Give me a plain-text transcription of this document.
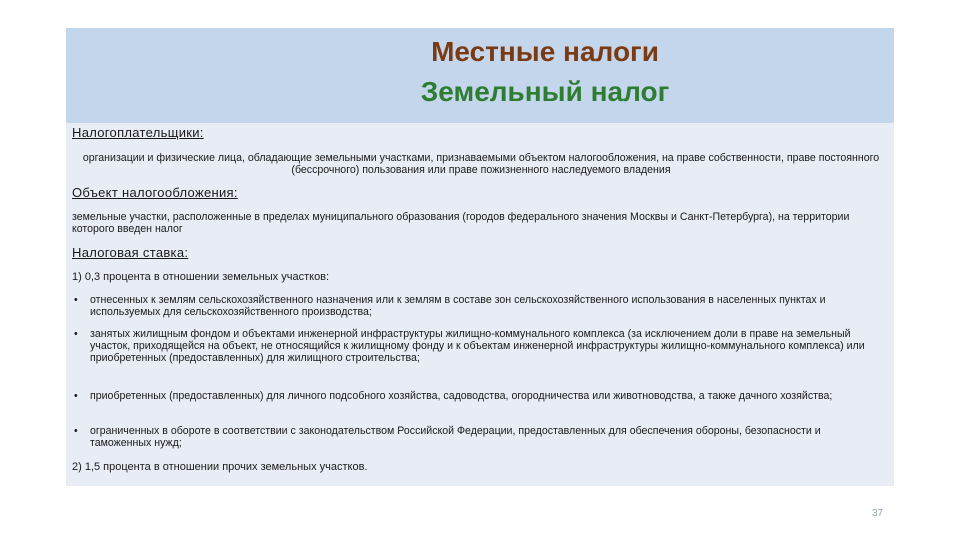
Местные налоги
Земельный налог
Налогоплательщики:
организации и физические лица, обладающие земельными участками, признаваемыми объектом налогообложения, на праве собственности, праве постоянного (бессрочного) пользования или праве пожизненного наследуемого владения
Объект налогообложения:
земельные участки, расположенные в пределах муниципального образования (городов федерального значения Москвы и Санкт-Петербурга), на территории которого введен налог
Налоговая ставка:
1) 0,3 процента в отношении земельных участков:
• отнесенных к землям сельскохозяйственного назначения или к землям в составе зон сельскохозяйственного использования в населенных пунктах и используемых для сельскохозяйственного производства;
• занятых жилищным фондом и объектами инженерной инфраструктуры жилищно-коммунального комплекса (за исключением доли в праве на земельный участок, приходящейся на объект, не относящийся к жилищному фонду и к объектам инженерной инфраструктуры жилищно-коммунального комплекса) или приобретенных (предоставленных) для жилищного строительства;
• приобретенных (предоставленных) для личного подсобного хозяйства, садоводства, огородничества или животноводства, а также дачного хозяйства;
• ограниченных в обороте в соответствии с законодательством Российской Федерации, предоставленных для обеспечения обороны, безопасности и таможенных нужд;
2) 1,5 процента в отношении прочих земельных участков.
37
